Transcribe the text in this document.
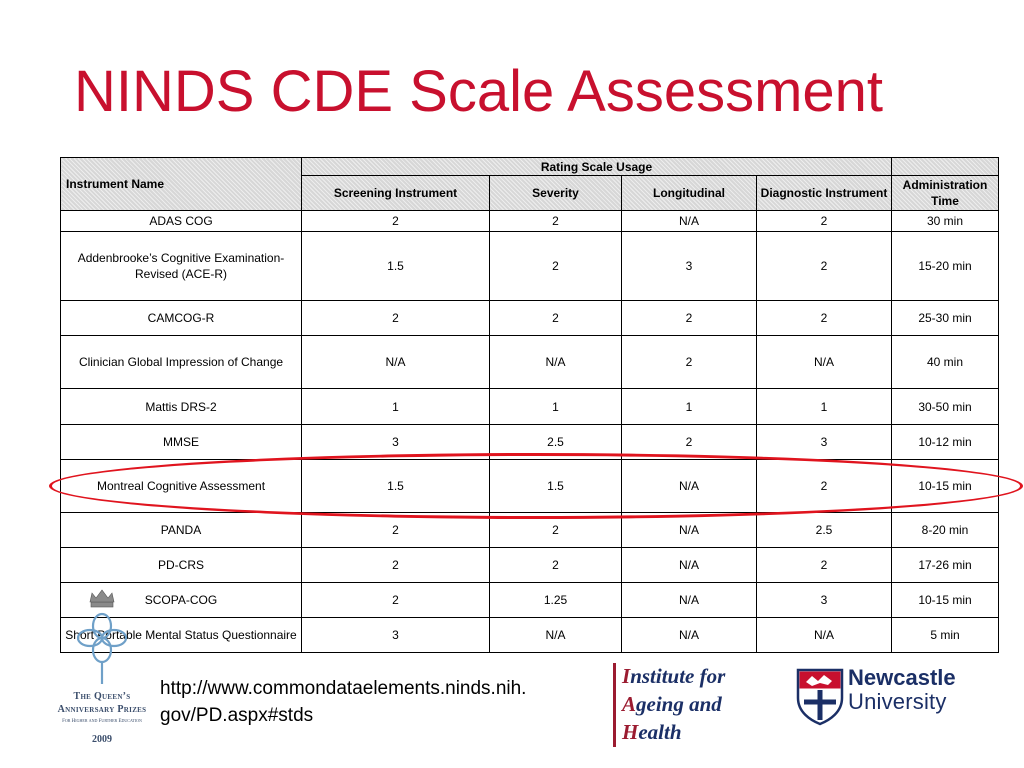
NINDS CDE Scale Assessment
Instrument Name	Rating Scale Usage				
	Screening Instrument	Severity	Longitudinal	Diagnostic Instrument	Administration Time
ADAS COG	2	2	N/A	2	30 min
Addenbrooke’s Cognitive Examination-Revised (ACE-R)	1.5	2	3	2	15-20 min
CAMCOG-R	2	2	2	2	25-30 min
Clinician Global Impression of Change	N/A	N/A	2	N/A	40 min
Mattis DRS-2	1	1	1	1	30-50 min
MMSE	3	2.5	2	3	10-12 min
Montreal Cognitive Assessment	1.5	1.5	N/A	2	10-15 min
PANDA	2	2	N/A	2.5	8-20 min
PD-CRS	2	2	N/A	2	17-26 min
SCOPA-COG	2	1.25	N/A	3	10-15 min
Short Portable Mental Status Questionnaire	3	N/A	N/A	N/A	5 min
http://www.commondataelements.ninds.nih.
gov/PD.aspx#stds
The Queen’s Anniversary Prizes
For Higher and Further Education
2009
Institute for
Ageing and
Health
Newcastle
University
